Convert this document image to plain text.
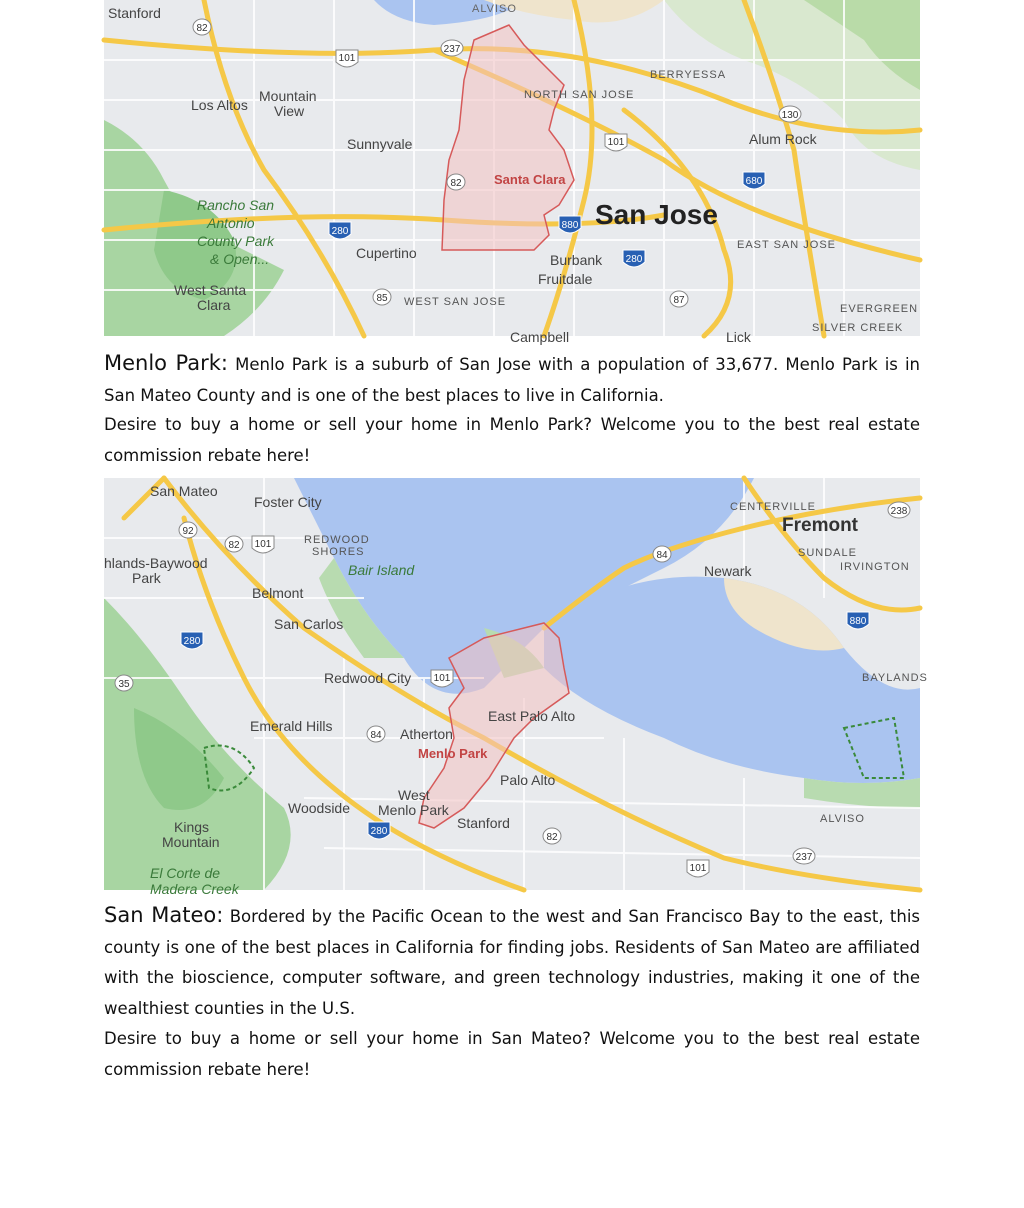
82
101
237
130
101
680
82
280
880
280
85	87
Stanford	ALVISO
BERRYESSA
Los Altos
Mountain
View
NORTH SAN JOSE
Alum Rock
Sunnyvale
Rancho San
Antonio
County Park
& Open...	Cupertino	EAST SAN JOSE
Burbank
Fruitdale
West Santa
Clara	WEST SAN JOSE
EVERGREEN
SILVER CREEK
Campbell	Lick
Santa Clara
San Jose

Menlo Park: Menlo Park is a suburb of San Jose with a population of 33,677. Menlo Park is in San Mateo County and is one of the best places to live in California.

Desire to buy a home or sell your home in Menlo Park? Welcome you to the best real estate commission rebate here!

92
82 101
84
238
280
880
35
101
84
280
82
237
101
San Mateo
Foster City	CENTERVILLE
Fremont
REDWOOD
SHORES
hlands-Baywood
Park	Bair Island	Newark
SUNDALE
IRVINGTON
Belmont
San Carlos
BAYLANDS
Redwood City
East Palo Alto
Emerald Hills	Atherton
Menlo Park
Palo Alto
West
Menlo Park
Woodside
Stanford	ALVISO
Kings
Mountain
El Corte de
Madera Creek

San Mateo: Bordered by the Pacific Ocean to the west and San Francisco Bay to the east, this county is one of the best places in California for finding jobs. Residents of San Mateo are affiliated with the bioscience, computer software, and green technology industries, making it one of the wealthiest counties in the U.S.

Desire to buy a home or sell your home in San Mateo? Welcome you to the best real estate commission rebate here!
